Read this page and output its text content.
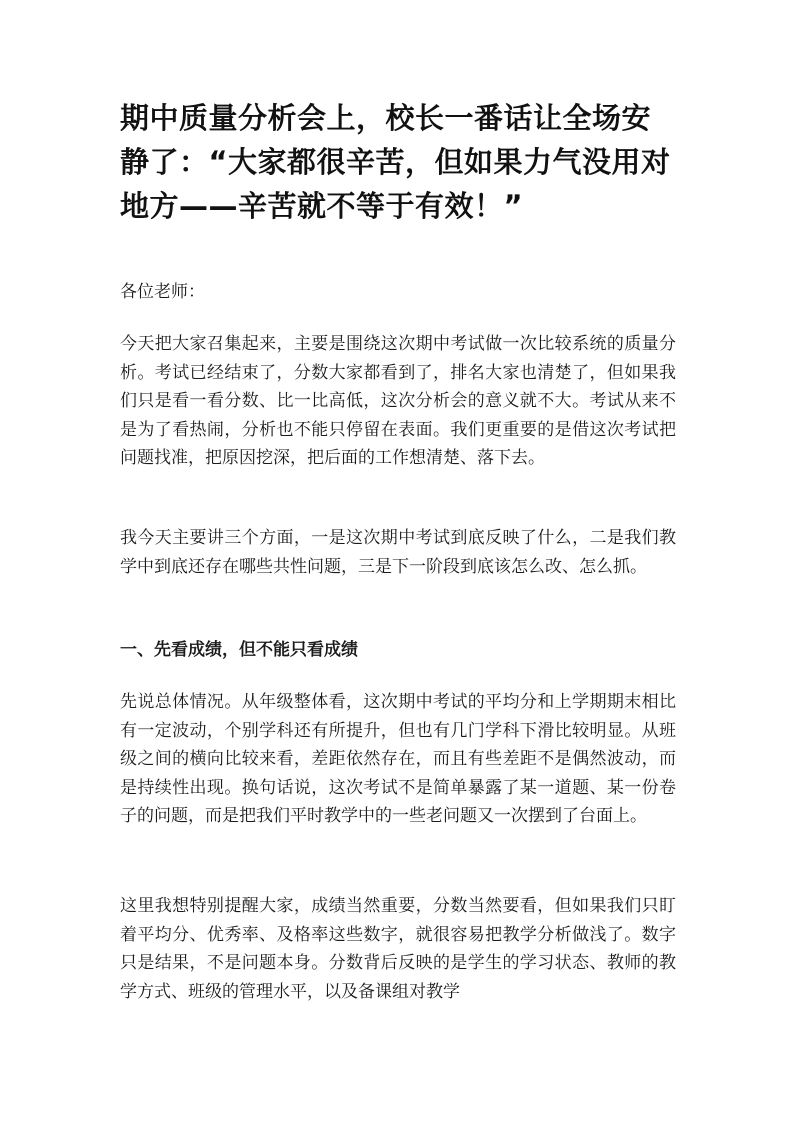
期中质量分析会上，校长一番话让全场安静了：“大家都很辛苦，但如果力气没用对地方——辛苦就不等于有效！”

各位老师：

今天把大家召集起来，主要是围绕这次期中考试做一次比较系统的质量分析。考试已经结束了，分数大家都看到了，排名大家也清楚了，但如果我们只是看一看分数、比一比高低，这次分析会的意义就不大。考试从来不是为了看热闹，分析也不能只停留在表面。我们更重要的是借这次考试把问题找准，把原因挖深，把后面的工作想清楚、落下去。

我今天主要讲三个方面，一是这次期中考试到底反映了什么，二是我们教学中到底还存在哪些共性问题，三是下一阶段到底该怎么改、怎么抓。

一、先看成绩，但不能只看成绩

先说总体情况。从年级整体看，这次期中考试的平均分和上学期期末相比有一定波动，个别学科还有所提升，但也有几门学科下滑比较明显。从班级之间的横向比较来看，差距依然存在，而且有些差距不是偶然波动，而是持续性出现。换句话说，这次考试不是简单暴露了某一道题、某一份卷子的问题，而是把我们平时教学中的一些老问题又一次摆到了台面上。

这里我想特别提醒大家，成绩当然重要，分数当然要看，但如果我们只盯着平均分、优秀率、及格率这些数字，就很容易把教学分析做浅了。数字只是结果，不是问题本身。分数背后反映的是学生的学习状态、教师的教学方式、班级的管理水平，以及备课组对教学
